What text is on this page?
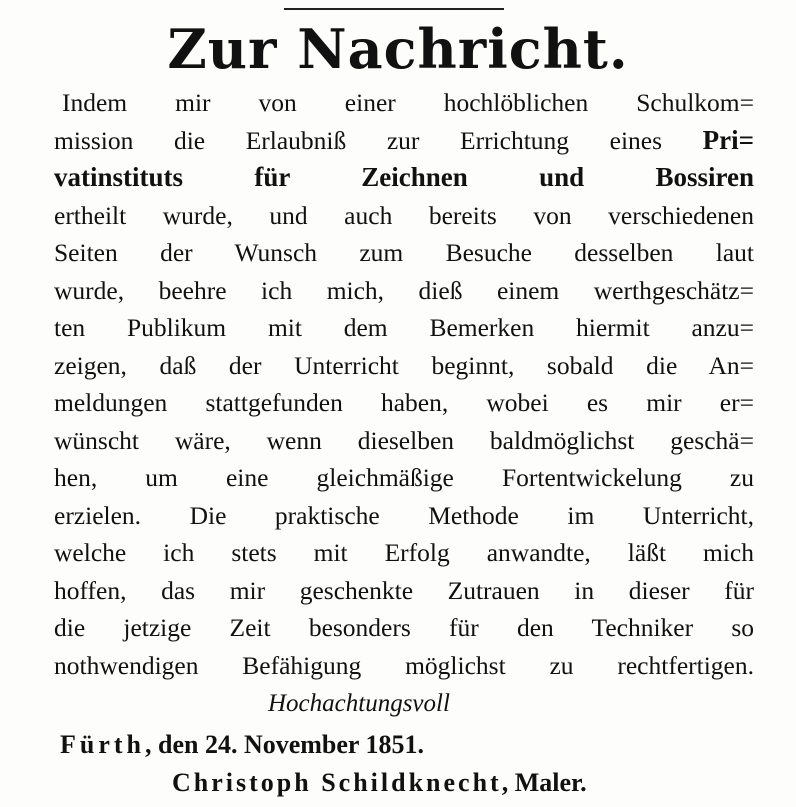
Zur Nachricht.
Indem mir von einer hochlöblichen Schulkom=
mission die Erlaubniß zur Errichtung eines Pri=
vatinstituts für Zeichnen und Bossiren
ertheilt wurde, und auch bereits von verschiedenen
Seiten der Wunsch zum Besuche desselben laut
wurde, beehre ich mich, dieß einem werthgeschätz=
ten Publikum mit dem Bemerken hiermit anzu=
zeigen, daß der Unterricht beginnt, sobald die An=
meldungen stattgefunden haben, wobei es mir er=
wünscht wäre, wenn dieselben baldmöglichst geschä=
hen, um eine gleichmäßige Fortentwickelung zu
erzielen. Die praktische Methode im Unterricht,
welche ich stets mit Erfolg anwandte, läßt mich
hoffen, das mir geschenkte Zutrauen in dieser für
die jetzige Zeit besonders für den Techniker so
nothwendigen Befähigung möglichst zu rechtfertigen.
Hochachtungsvoll
Fürth, den 24. November 1851.
Christoph Schildknecht, Maler.
